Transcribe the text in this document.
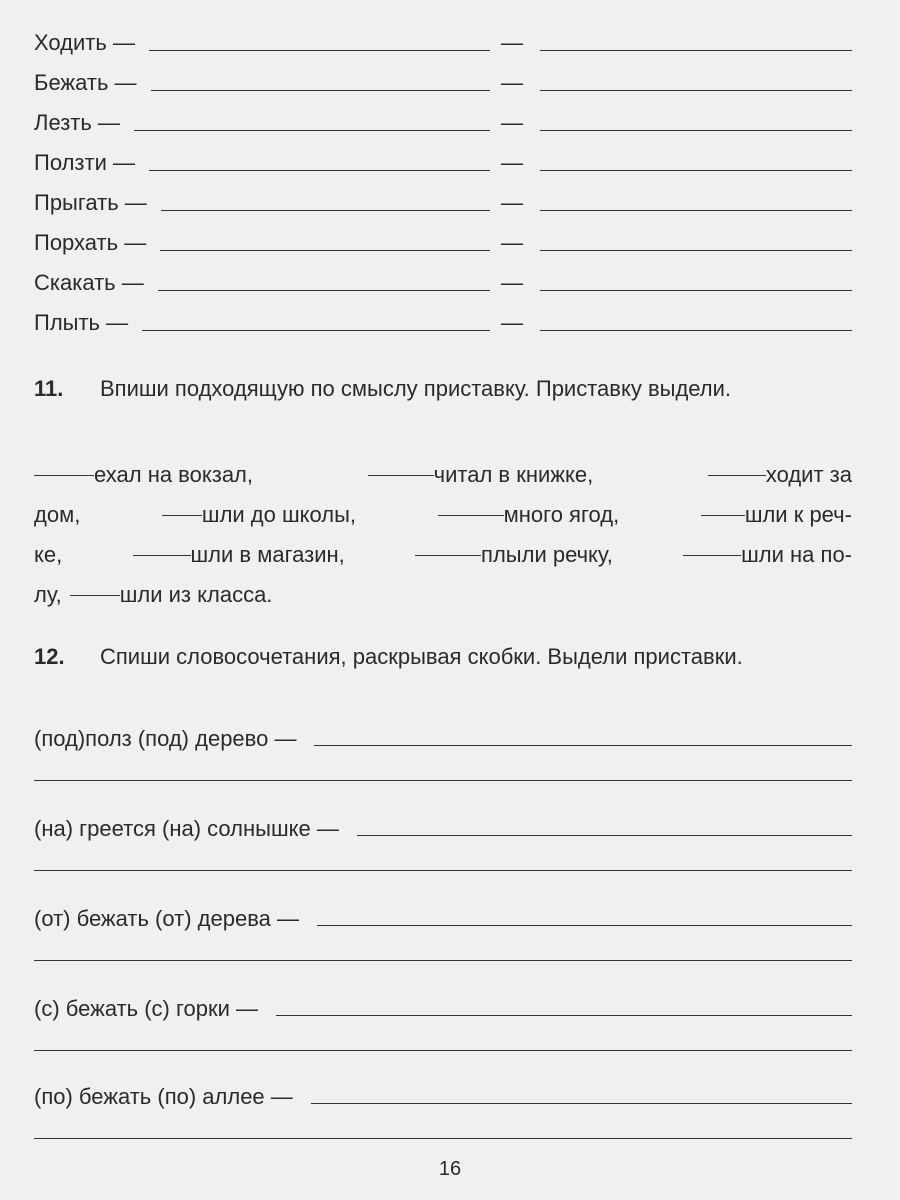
Ходить —	—
Бежать —	—
Лезть —	—
Ползти —	—
Прыгать —	—
Порхать —	—
Скакать —	—
Плыть —	—
11. Впиши подходящую по смыслу приставку. Приставку выдели.
ехал на вокзал,	читал в книжке,	ходит за
дом,	шли до школы,	много ягод,	шли к реч-
ке,	шли в магазин,	плыли речку,	шли на по-
лу,	шли из класса.
12. Спиши словосочетания, раскрывая скобки. Выдели приставки.
(под)полз (под) дерево —
(на) греется (на) солнышке —
(от) бежать (от) дерева —
(с) бежать (с) горки —
(по) бежать (по) аллее —
16
